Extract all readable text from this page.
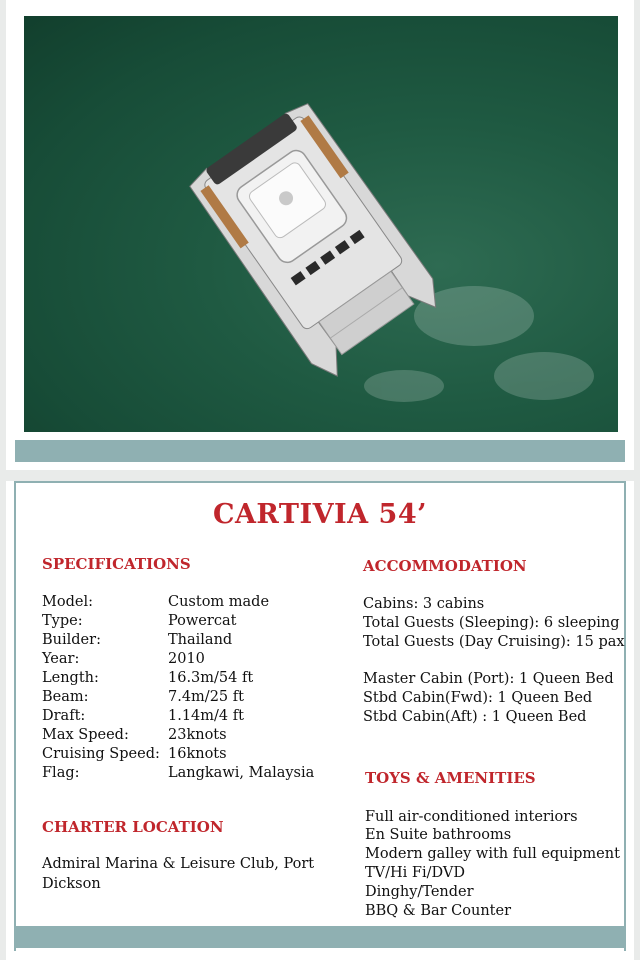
CARTIVIA 54’
SPECIFICATIONS
Model:	Custom made
Type:	Powercat
Builder:	Thailand
Year:	2010
Length:	16.3m/54 ft
Beam:	7.4m/25 ft
Draft:	1.14m/4 ft
Max Speed:	23knots
Cruising Speed: 16knots
Flag:	Langkawi, Malaysia
CHARTER LOCATION
Admiral Marina & Leisure Club, Port
Dickson
ACCOMMODATION
Cabins: 3 cabins
Total Guests (Sleeping): 6 sleeping
Total Guests (Day Cruising): 15 pax
Master Cabin (Port): 1 Queen Bed
Stbd Cabin(Fwd): 1 Queen Bed
Stbd Cabin(Aft) : 1 Queen Bed
TOYS & AMENITIES
Full air-conditioned interiors
En Suite bathrooms
Modern galley with full equipment
TV/Hi Fi/DVD
Dinghy/Tender
BBQ & Bar Counter
